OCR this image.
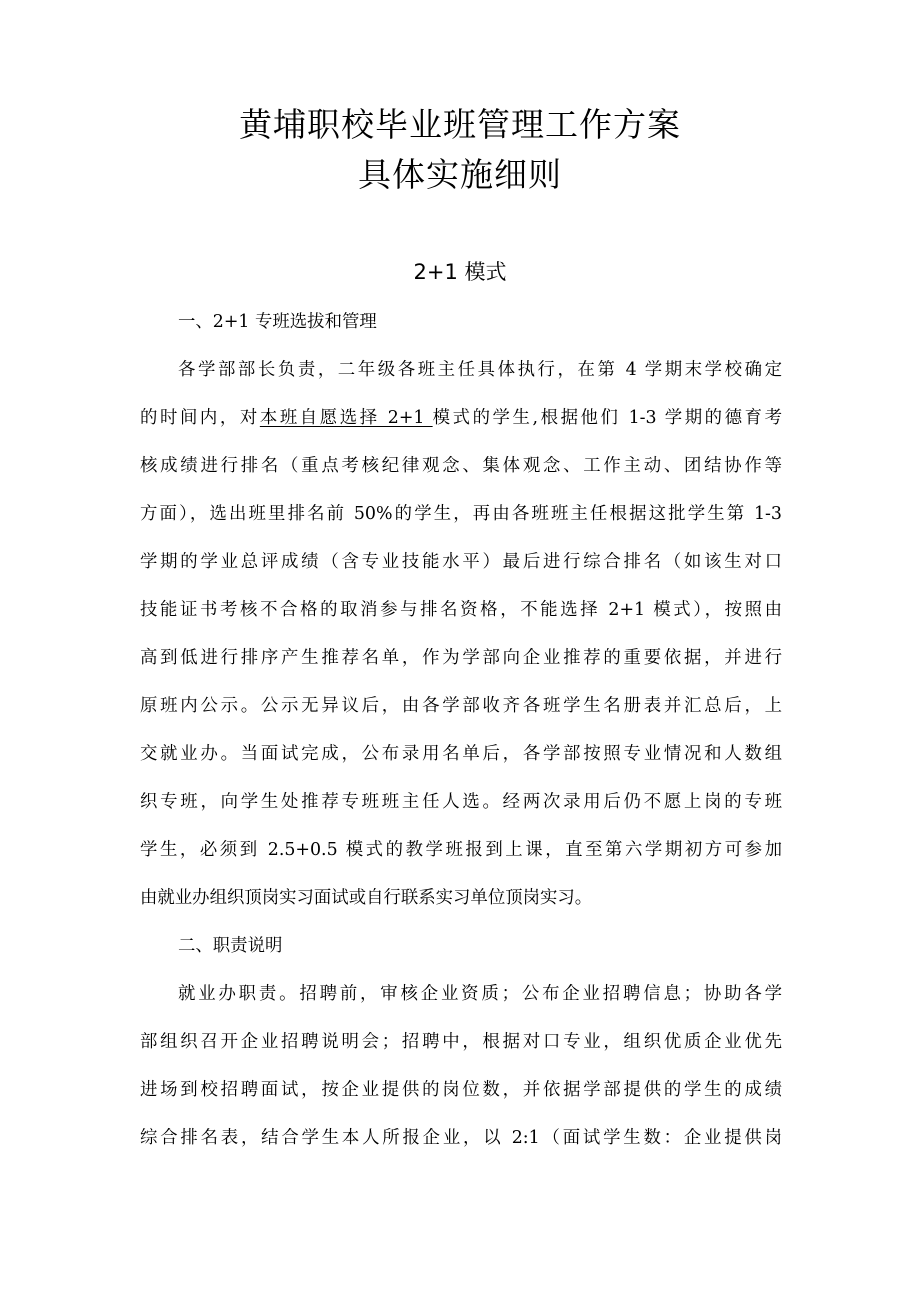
黄埔职校毕业班管理工作方案
具体实施细则
2+1 模式
一、2+1 专班选拔和管理
各学部部长负责，二年级各班主任具体执行，在第 4 学期末学校确定
的时间内，对本班自愿选择 2+1 模式的学生,根据他们 1-3 学期的德育考
核成绩进行排名（重点考核纪律观念、集体观念、工作主动、团结协作等
方面），选出班里排名前 50%的学生，再由各班班主任根据这批学生第 1-3
学期的学业总评成绩（含专业技能水平）最后进行综合排名（如该生对口
技能证书考核不合格的取消参与排名资格，不能选择 2+1 模式），按照由
高到低进行排序产生推荐名单，作为学部向企业推荐的重要依据，并进行
原班内公示。公示无异议后，由各学部收齐各班学生名册表并汇总后，上
交就业办。当面试完成，公布录用名单后，各学部按照专业情况和人数组
织专班，向学生处推荐专班班主任人选。经两次录用后仍不愿上岗的专班
学生，必须到 2.5+0.5 模式的教学班报到上课，直至第六学期初方可参加
由就业办组织顶岗实习面试或自行联系实习单位顶岗实习。
二、职责说明
就业办职责。招聘前，审核企业资质；公布企业招聘信息；协助各学
部组织召开企业招聘说明会；招聘中，根据对口专业，组织优质企业优先
进场到校招聘面试，按企业提供的岗位数，并依据学部提供的学生的成绩
综合排名表，结合学生本人所报企业，以 2:1（面试学生数：企业提供岗
